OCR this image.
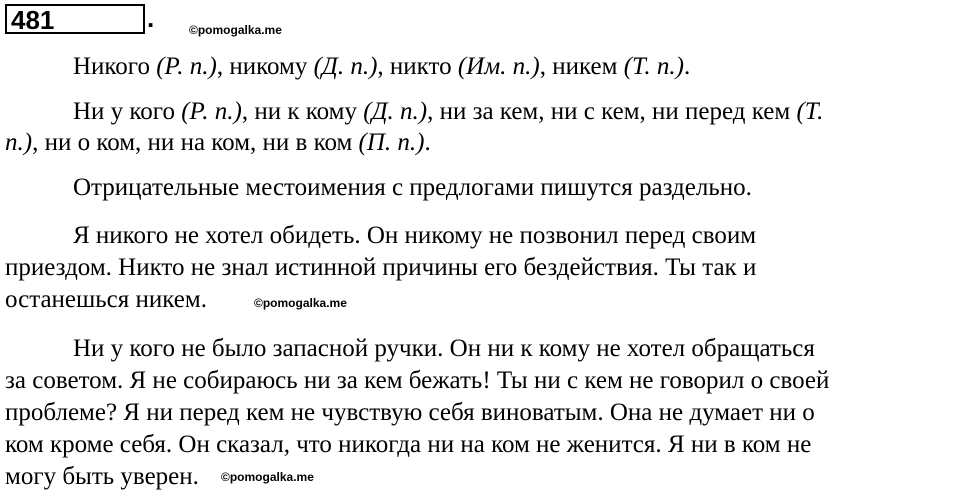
481	.	©pomogalka.me
Никого (Р. п.), никому (Д. п.), никто (Им. п.), никем (Т. п.).
Ни у кого (Р. п.), ни к кому (Д. п.), ни за кем, ни с кем, ни перед кем (Т.
п.), ни о ком, ни на ком, ни в ком (П. п.).
Отрицательные местоимения с предлогами пишутся раздельно.
Я никого не хотел обидеть. Он никому не позвонил перед своим
приездом. Никто не знал истинной причины его бездействия. Ты так и
останешься никем.	©pomogalka.me
Ни у кого не было запасной ручки. Он ни к кому не хотел обращаться
за советом. Я не собираюсь ни за кем бежать! Ты ни с кем не говорил о своей
проблеме? Я ни перед кем не чувствую себя виноватым. Она не думает ни о
ком кроме себя. Он сказал, что никогда ни на ком не женится. Я ни в ком не
могу быть уверен. ©pomogalka.me
